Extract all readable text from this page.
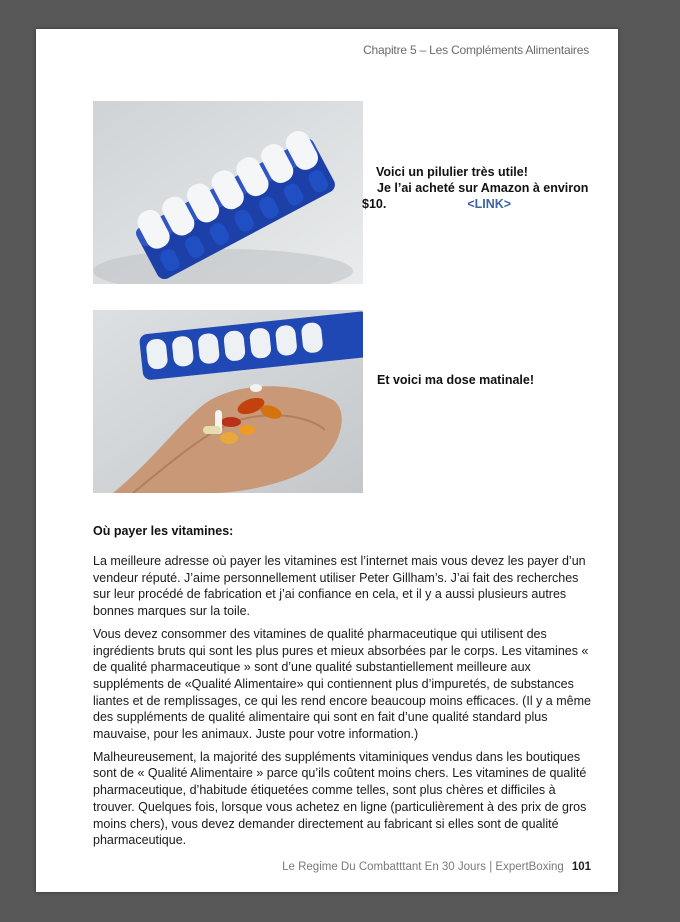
Chapitre 5 – Les Compléments Alimentaires
Voici un pilulier très utile!
Je l’ai acheté sur Amazon à environ
$10.	<LINK>
Et voici ma dose matinale!
Où payer les vitamines:

La meilleure adresse où payer les vitamines est l’internet mais vous devez les payer d’un vendeur réputé. J’aime personnellement utiliser Peter Gillham’s. J’ai fait des recherches sur leur procédé de fabrication et j’ai confiance en cela, et il y a aussi plusieurs autres bonnes marques sur la toile.

Vous devez consommer des vitamines de qualité pharmaceutique qui utilisent des ingrédients bruts qui sont les plus pures et mieux absorbées par le corps. Les vitamines « de qualité pharmaceutique » sont d’une qualité substantiellement meilleure aux suppléments de «Qualité Alimentaire» qui contiennent plus d’impuretés, de substances liantes et de remplissages, ce qui les rend encore beaucoup moins efficaces. (Il y a même des suppléments de qualité alimentaire qui sont en fait d’une qualité standard plus mauvaise, pour les animaux. Juste pour votre information.)

Malheureusement, la majorité des suppléments vitaminiques vendus dans les boutiques sont de « Qualité Alimentaire » parce qu’ils coûtent moins chers. Les vitamines de qualité pharmaceutique, d’habitude étiquetées comme telles, sont plus chères et difficiles à trouver. Quelques fois, lorsque vous achetez en ligne (particulièrement à des prix de gros moins chers), vous devez demander directement au fabricant si elles sont de qualité pharmaceutique.

Le Regime Du Combatttant En 30 Jours | ExpertBoxing 101
